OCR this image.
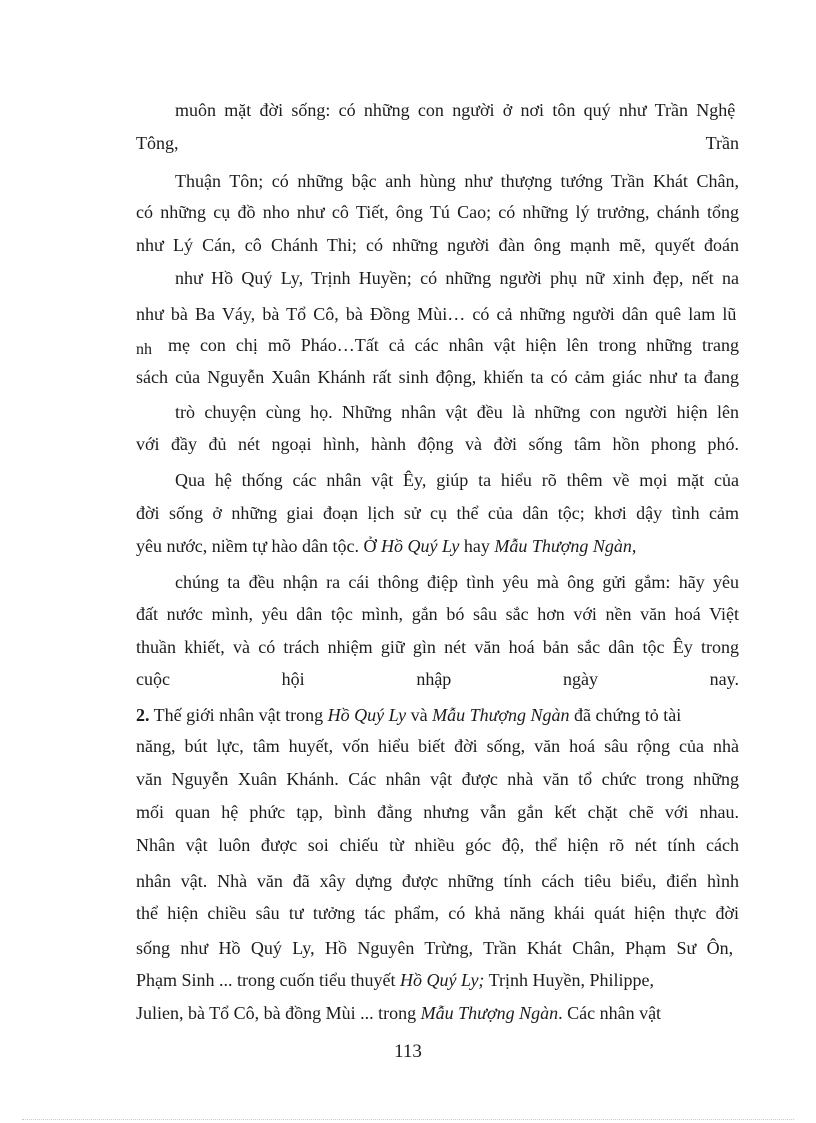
muôn mặt đời sống: có những con người ở nơi tôn quý như Trần Nghệ
Tông,	Trần
Thuận Tôn; có những bậc anh hùng như thượng tướng Trần Khát Chân,
có những cụ đồ nho như cô Tiết, ông Tú Cao; có những lý trưởng, chánh tổng
như Lý Cán, cô Chánh Thi; có những người đàn ông mạnh mẽ, quyết đoán
như Hồ Quý Ly, Trịnh Huyền; có những người phụ nữ xinh đẹp, nết na
như bà Ba Váy, bà Tổ Cô, bà Đồng Mùi… có cả những người dân quê lam lũ
nh mẹ con chị mõ Pháo…Tất cả các nhân vật hiện lên trong những trang
sách của Nguyễn Xuân Khánh rất sinh động, khiến ta có cảm giác như ta đang
trò chuyện cùng họ. Những nhân vật đều là những con người hiện lên
với đầy đủ nét ngoại hình, hành động và đời sống tâm hồn phong phó.
Qua hệ thống các nhân vật Êy, giúp ta hiểu rõ thêm về mọi mặt của
đời sống ở những giai đoạn lịch sử cụ thể của dân tộc; khơi dậy tình cảm
yêu nước, niềm tự hào dân tộc. Ở Hồ Quý Ly hay Mẫu Thượng Ngàn,
chúng ta đều nhận ra cái thông điệp tình yêu mà ông gửi gắm: hãy yêu
đất nước mình, yêu dân tộc mình, gắn bó sâu sắc hơn với nền văn hoá Việt
thuần khiết, và có trách nhiệm giữ gìn nét văn hoá bản sắc dân tộc Êy trong
cuộc	hội	nhập	ngày	nay.
2. Thế giới nhân vật trong Hồ Quý Ly và Mẫu Thượng Ngàn đã chứng tỏ tài
năng, bút lực, tâm huyết, vốn hiểu biết đời sống, văn hoá sâu rộng của nhà
văn Nguyễn Xuân Khánh. Các nhân vật được nhà văn tổ chức trong những
mối quan hệ phức tạp, bình đẳng nhưng vẫn gắn kết chặt chẽ với nhau.
Nhân vật luôn được soi chiếu từ nhiều góc độ, thể hiện rõ nét tính cách
nhân vật. Nhà văn đã xây dựng được những tính cách tiêu biểu, điển hình
thể hiện chiều sâu tư tưởng tác phẩm, có khả năng khái quát hiện thực đời
sống như Hồ Quý Ly, Hồ Nguyên Trừng, Trần Khát Chân, Phạm Sư Ôn,
Phạm Sinh ... trong cuốn tiểu thuyết Hồ Quý Ly; Trịnh Huyền, Philippe,
Julien, bà Tổ Cô, bà đồng Mùi ... trong Mẫu Thượng Ngàn. Các nhân vật
113
